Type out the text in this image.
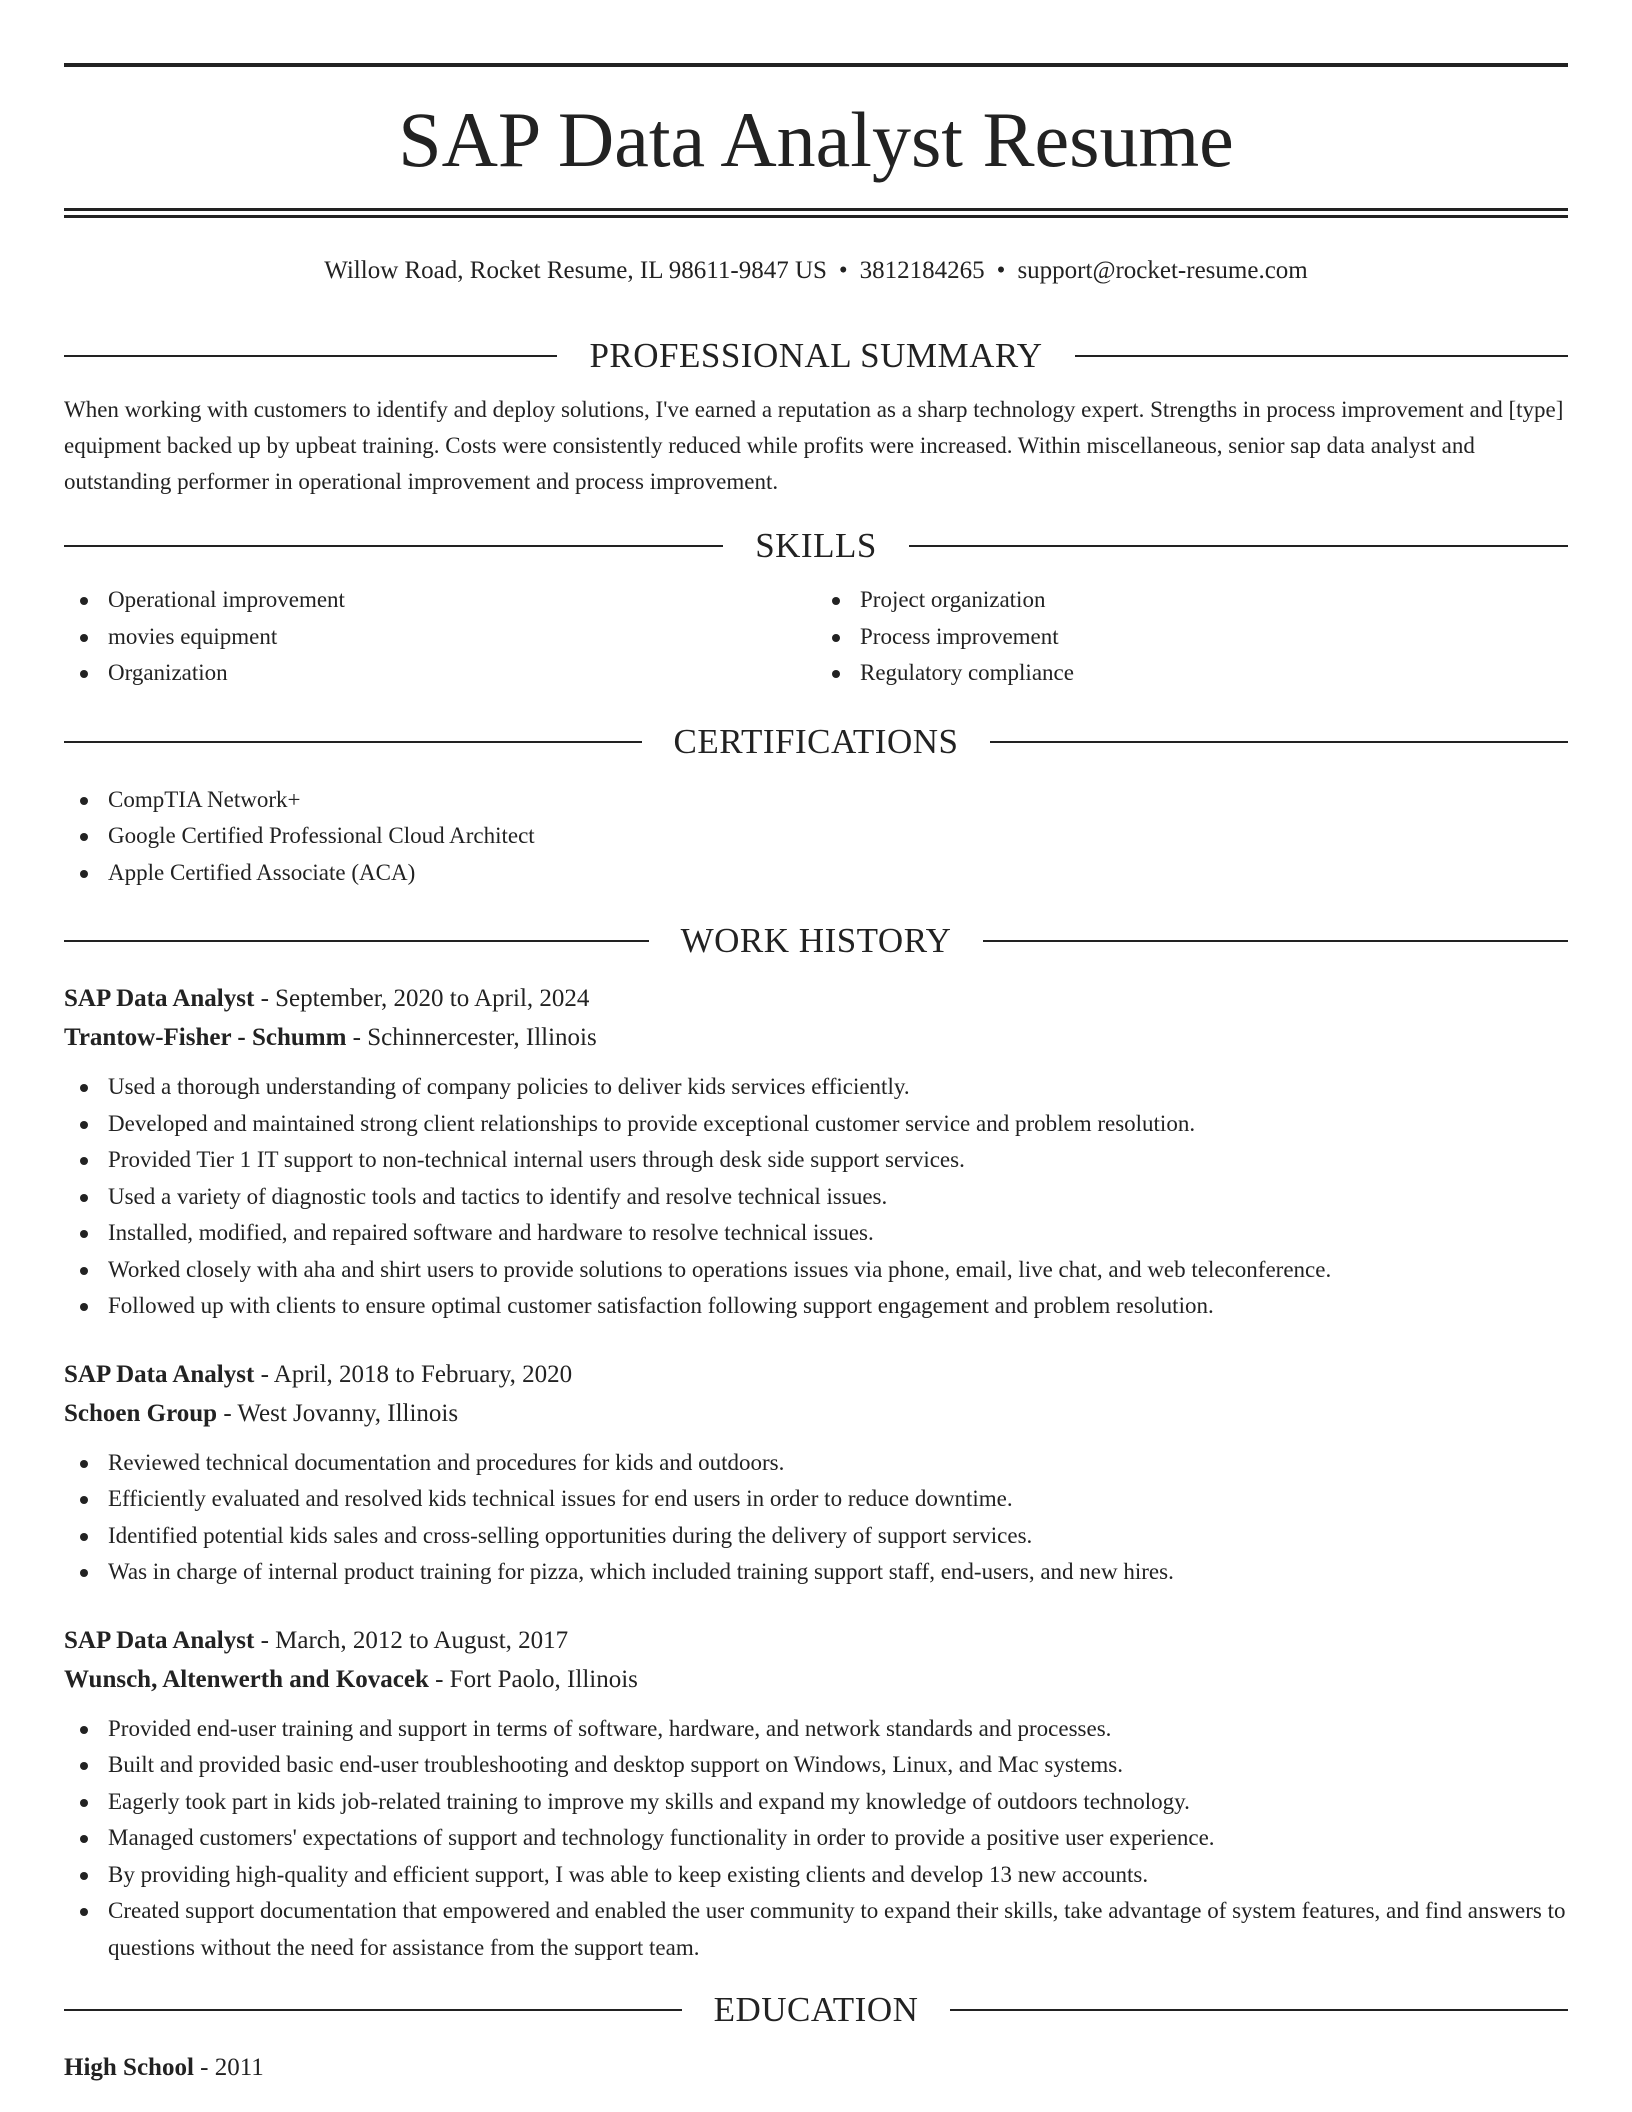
SAP Data Analyst Resume
Willow Road, Rocket Resume, IL 98611-9847 US • 3812184265 • support@rocket-resume.com
PROFESSIONAL SUMMARY

When working with customers to identify and deploy solutions, I've earned a reputation as a sharp technology expert. Strengths in process improvement and [type] equipment backed up by upbeat training. Costs were consistently reduced while profits were increased. Within miscellaneous, senior sap data analyst and outstanding performer in operational improvement and process improvement.

SKILLS
Operational improvement
movies equipment
Organization
Project organization
Process improvement
Regulatory compliance
CERTIFICATIONS
CompTIA Network+
Google Certified Professional Cloud Architect
Apple Certified Associate (ACA)
WORK HISTORY
SAP Data Analyst - September, 2020 to April, 2024
Trantow-Fisher - Schumm - Schinnercester, Illinois
Used a thorough understanding of company policies to deliver kids services efficiently.
Developed and maintained strong client relationships to provide exceptional customer service and problem resolution.
Provided Tier 1 IT support to non-technical internal users through desk side support services.
Used a variety of diagnostic tools and tactics to identify and resolve technical issues.
Installed, modified, and repaired software and hardware to resolve technical issues.
Worked closely with aha and shirt users to provide solutions to operations issues via phone, email, live chat, and web teleconference.
Followed up with clients to ensure optimal customer satisfaction following support engagement and problem resolution.
SAP Data Analyst - April, 2018 to February, 2020
Schoen Group - West Jovanny, Illinois
Reviewed technical documentation and procedures for kids and outdoors.
Efficiently evaluated and resolved kids technical issues for end users in order to reduce downtime.
Identified potential kids sales and cross-selling opportunities during the delivery of support services.
Was in charge of internal product training for pizza, which included training support staff, end-users, and new hires.
SAP Data Analyst - March, 2012 to August, 2017
Wunsch, Altenwerth and Kovacek - Fort Paolo, Illinois
Provided end-user training and support in terms of software, hardware, and network standards and processes.
Built and provided basic end-user troubleshooting and desktop support on Windows, Linux, and Mac systems.
Eagerly took part in kids job-related training to improve my skills and expand my knowledge of outdoors technology.
Managed customers' expectations of support and technology functionality in order to provide a positive user experience.
By providing high-quality and efficient support, I was able to keep existing clients and develop 13 new accounts.
Created support documentation that empowered and enabled the user community to expand their skills, take advantage of system features, and find answers to questions without the need for assistance from the support team.
EDUCATION
High School - 2011
